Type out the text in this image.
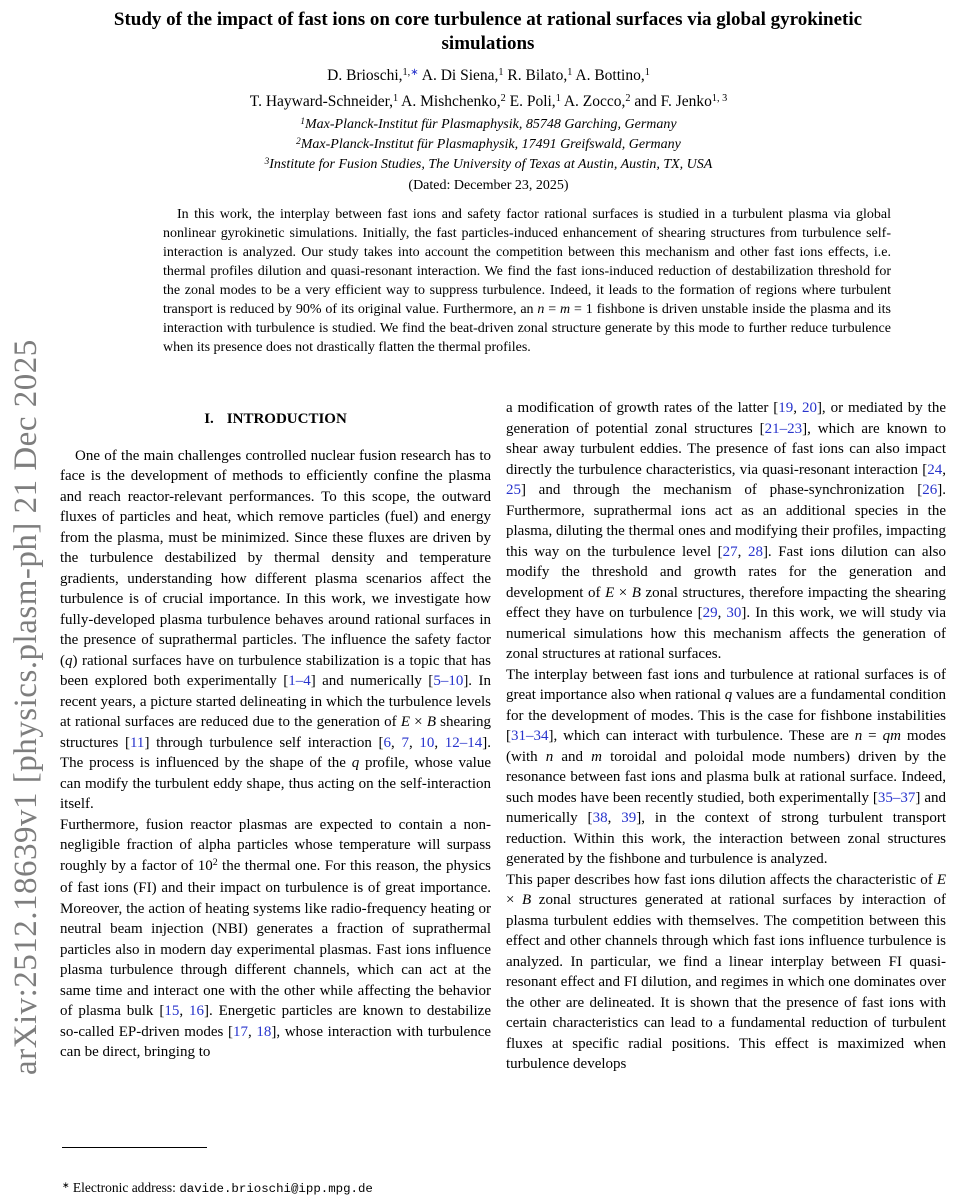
arXiv:2512.18639v1 [physics.plasm-ph] 21 Dec 2025
Study of the impact of fast ions on core turbulence at rational surfaces via global gyrokinetic simulations
D. Brioschi,$^{1,∗}$ A. Di Siena,$^1$ R. Bilato,$^1$ A. Bottino,$^1$
T. Hayward-Schneider,$^1$ A. Mishchenko,$^2$ E. Poli,$^1$ A. Zocco,$^2$ and F. Jenko$^{1, 3}$
$^1$Max-Planck-Institut für Plasmaphysik, 85748 Garching, Germany
$^2$Max-Planck-Institut für Plasmaphysik, 17491 Greifswald, Germany
$^3$Institute for Fusion Studies, The University of Texas at Austin, Austin, TX, USA
(Dated: December 23, 2025)
In this work, the interplay between fast ions and safety factor rational surfaces is studied in a turbulent plasma via global nonlinear gyrokinetic simulations. Initially, the fast particles-induced enhancement of shearing structures from turbulence self-interaction is analyzed. Our study takes into account the competition between this mechanism and other fast ions effects, i.e. thermal profiles dilution and quasi-resonant interaction. We find the fast ions-induced reduction of destabilization threshold for the zonal modes to be a very efficient way to suppress turbulence. Indeed, it leads to the formation of regions where turbulent transport is reduced by 90% of its original value. Furthermore, an n = m = 1 fishbone is driven unstable inside the plasma and its interaction with turbulence is studied. We find the beat-driven zonal structure generate by this mode to further reduce turbulence when its presence does not drastically flatten the thermal profiles.
I. INTRODUCTION

One of the main challenges controlled nuclear fusion research has to face is the development of methods to efficiently confine the plasma and reach reactor-relevant performances. To this scope, the outward fluxes of particles and heat, which remove particles (fuel) and energy from the plasma, must be minimized. Since these fluxes are driven by the turbulence destabilized by thermal density and temperature gradients, understanding how different plasma scenarios affect the turbulence is of crucial importance. In this work, we investigate how fully-developed plasma turbulence behaves around rational surfaces in the presence of suprathermal particles. The influence the safety factor (q) rational surfaces have on turbulence stabilization is a topic that has been explored both experimentally [1–4] and numerically [5–10]. In recent years, a picture started delineating in which the turbulence levels at rational surfaces are reduced due to the generation of E × B shearing structures [11] through turbulence self interaction [6, 7, 10, 12–14]. The process is influenced by the shape of the q profile, whose value can modify the turbulent eddy shape, thus acting on the self-interaction itself.

Furthermore, fusion reactor plasmas are expected to contain a non-negligible fraction of alpha particles whose temperature will surpass roughly by a factor of $10^2$ the thermal one. For this reason, the physics of fast ions (FI) and their impact on turbulence is of great importance. Moreover, the action of heating systems like radio-frequency heating or neutral beam injection (NBI) generates a fraction of suprathermal particles also in modern day experimental plasmas. Fast ions influence plasma turbulence through different channels, which can act at the same time and interact one with the other while affecting the behavior of plasma bulk [15, 16]. Energetic particles are known to destabilize so-called EP-driven modes [17, 18], whose interaction with turbulence can be direct, bringing to

a modification of growth rates of the latter [19, 20], or mediated by the generation of potential zonal structures [21–23], which are known to shear away turbulent eddies. The presence of fast ions can also impact directly the turbulence characteristics, via quasi-resonant interaction [24, 25] and through the mechanism of phase-synchronization [26]. Furthermore, suprathermal ions act as an additional species in the plasma, diluting the thermal ones and modifying their profiles, impacting this way on the turbulence level [27, 28]. Fast ions dilution can also modify the threshold and growth rates for the generation and development of E × B zonal structures, therefore impacting the shearing effect they have on turbulence [29, 30]. In this work, we will study via numerical simulations how this mechanism affects the generation of zonal structures at rational surfaces.

The interplay between fast ions and turbulence at rational surfaces is of great importance also when rational q values are a fundamental condition for the development of modes. This is the case for fishbone instabilities [31–34], which can interact with turbulence. These are n = qm modes (with n and m toroidal and poloidal mode numbers) driven by the resonance between fast ions and plasma bulk at rational surface. Indeed, such modes have been recently studied, both experimentally [35–37] and numerically [38, 39], in the context of strong turbulent transport reduction. Within this work, the interaction between zonal structures generated by the fishbone and turbulence is analyzed.

This paper describes how fast ions dilution affects the characteristic of E × B zonal structures generated at rational surfaces by interaction of plasma turbulent eddies with themselves. The competition between this effect and other channels through which fast ions influence turbulence is analyzed. In particular, we find a linear interplay between FI quasi-resonant effect and FI dilution, and regimes in which one dominates over the other are delineated. It is shown that the presence of fast ions with certain characteristics can lead to a fundamental reduction of turbulent fluxes at specific radial positions. This effect is maximized when turbulence develops

∗ Electronic address: davide.brioschi@ipp.mpg.de
